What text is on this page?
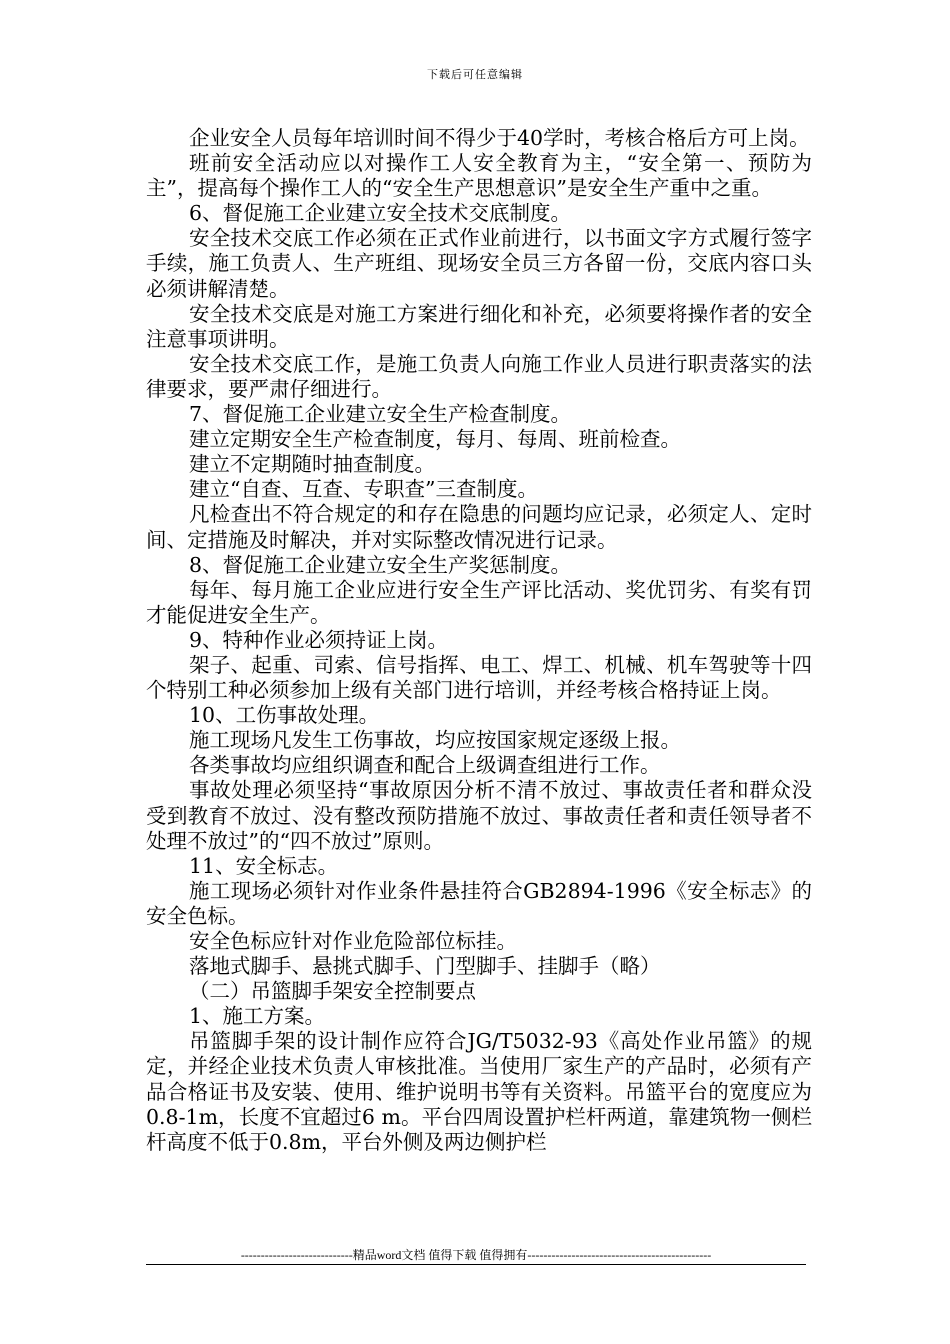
下载后可任意编辑

企业安全人员每年培训时间不得少于40学时，考核合格后方可上岗。

班前安全活动应以对操作工人安全教育为主，“安全第一、预防为主”，提高每个操作工人的“安全生产思想意识”是安全生产重中之重。

6、督促施工企业建立安全技术交底制度。

安全技术交底工作必须在正式作业前进行，以书面文字方式履行签字手续，施工负责人、生产班组、现场安全员三方各留一份，交底内容口头必须讲解清楚。

安全技术交底是对施工方案进行细化和补充，必须要将操作者的安全注意事项讲明。

安全技术交底工作，是施工负责人向施工作业人员进行职责落实的法律要求，要严肃仔细进行。

7、督促施工企业建立安全生产检查制度。

建立定期安全生产检查制度，每月、每周、班前检查。

建立不定期随时抽查制度。

建立“自查、互查、专职查”三查制度。

凡检查出不符合规定的和存在隐患的问题均应记录，必须定人、定时间、定措施及时解决，并对实际整改情况进行记录。

8、督促施工企业建立安全生产奖惩制度。

每年、每月施工企业应进行安全生产评比活动、奖优罚劣、有奖有罚才能促进安全生产。

9、特种作业必须持证上岗。

架子、起重、司索、信号指挥、电工、焊工、机械、机车驾驶等十四个特别工种必须参加上级有关部门进行培训，并经考核合格持证上岗。

10、工伤事故处理。

施工现场凡发生工伤事故，均应按国家规定逐级上报。

各类事故均应组织调查和配合上级调查组进行工作。

事故处理必须坚持“事故原因分析不清不放过、事故责任者和群众没受到教育不放过、没有整改预防措施不放过、事故责任者和责任领导者不处理不放过”的“四不放过”原则。

11、安全标志。

施工现场必须针对作业条件悬挂符合GB2894-1996《安全标志》的安全色标。

安全色标应针对作业危险部位标挂。

落地式脚手、悬挑式脚手、门型脚手、挂脚手（略）

（二）吊篮脚手架安全控制要点

1、施工方案。

吊篮脚手架的设计制作应符合JG/T5032-93《高处作业吊篮》的规定，并经企业技术负责人审核批准。当使用厂家生产的产品时，必须有产品合格证书及安装、使用、维护说明书等有关资料。吊篮平台的宽度应为0.8-1m，长度不宜超过6 m。平台四周设置护栏杆两道，靠建筑物一侧栏杆高度不低于0.8m，平台外侧及两边侧护栏

----------------------------精品word文档 值得下载 值得拥有----------------------------------------------
